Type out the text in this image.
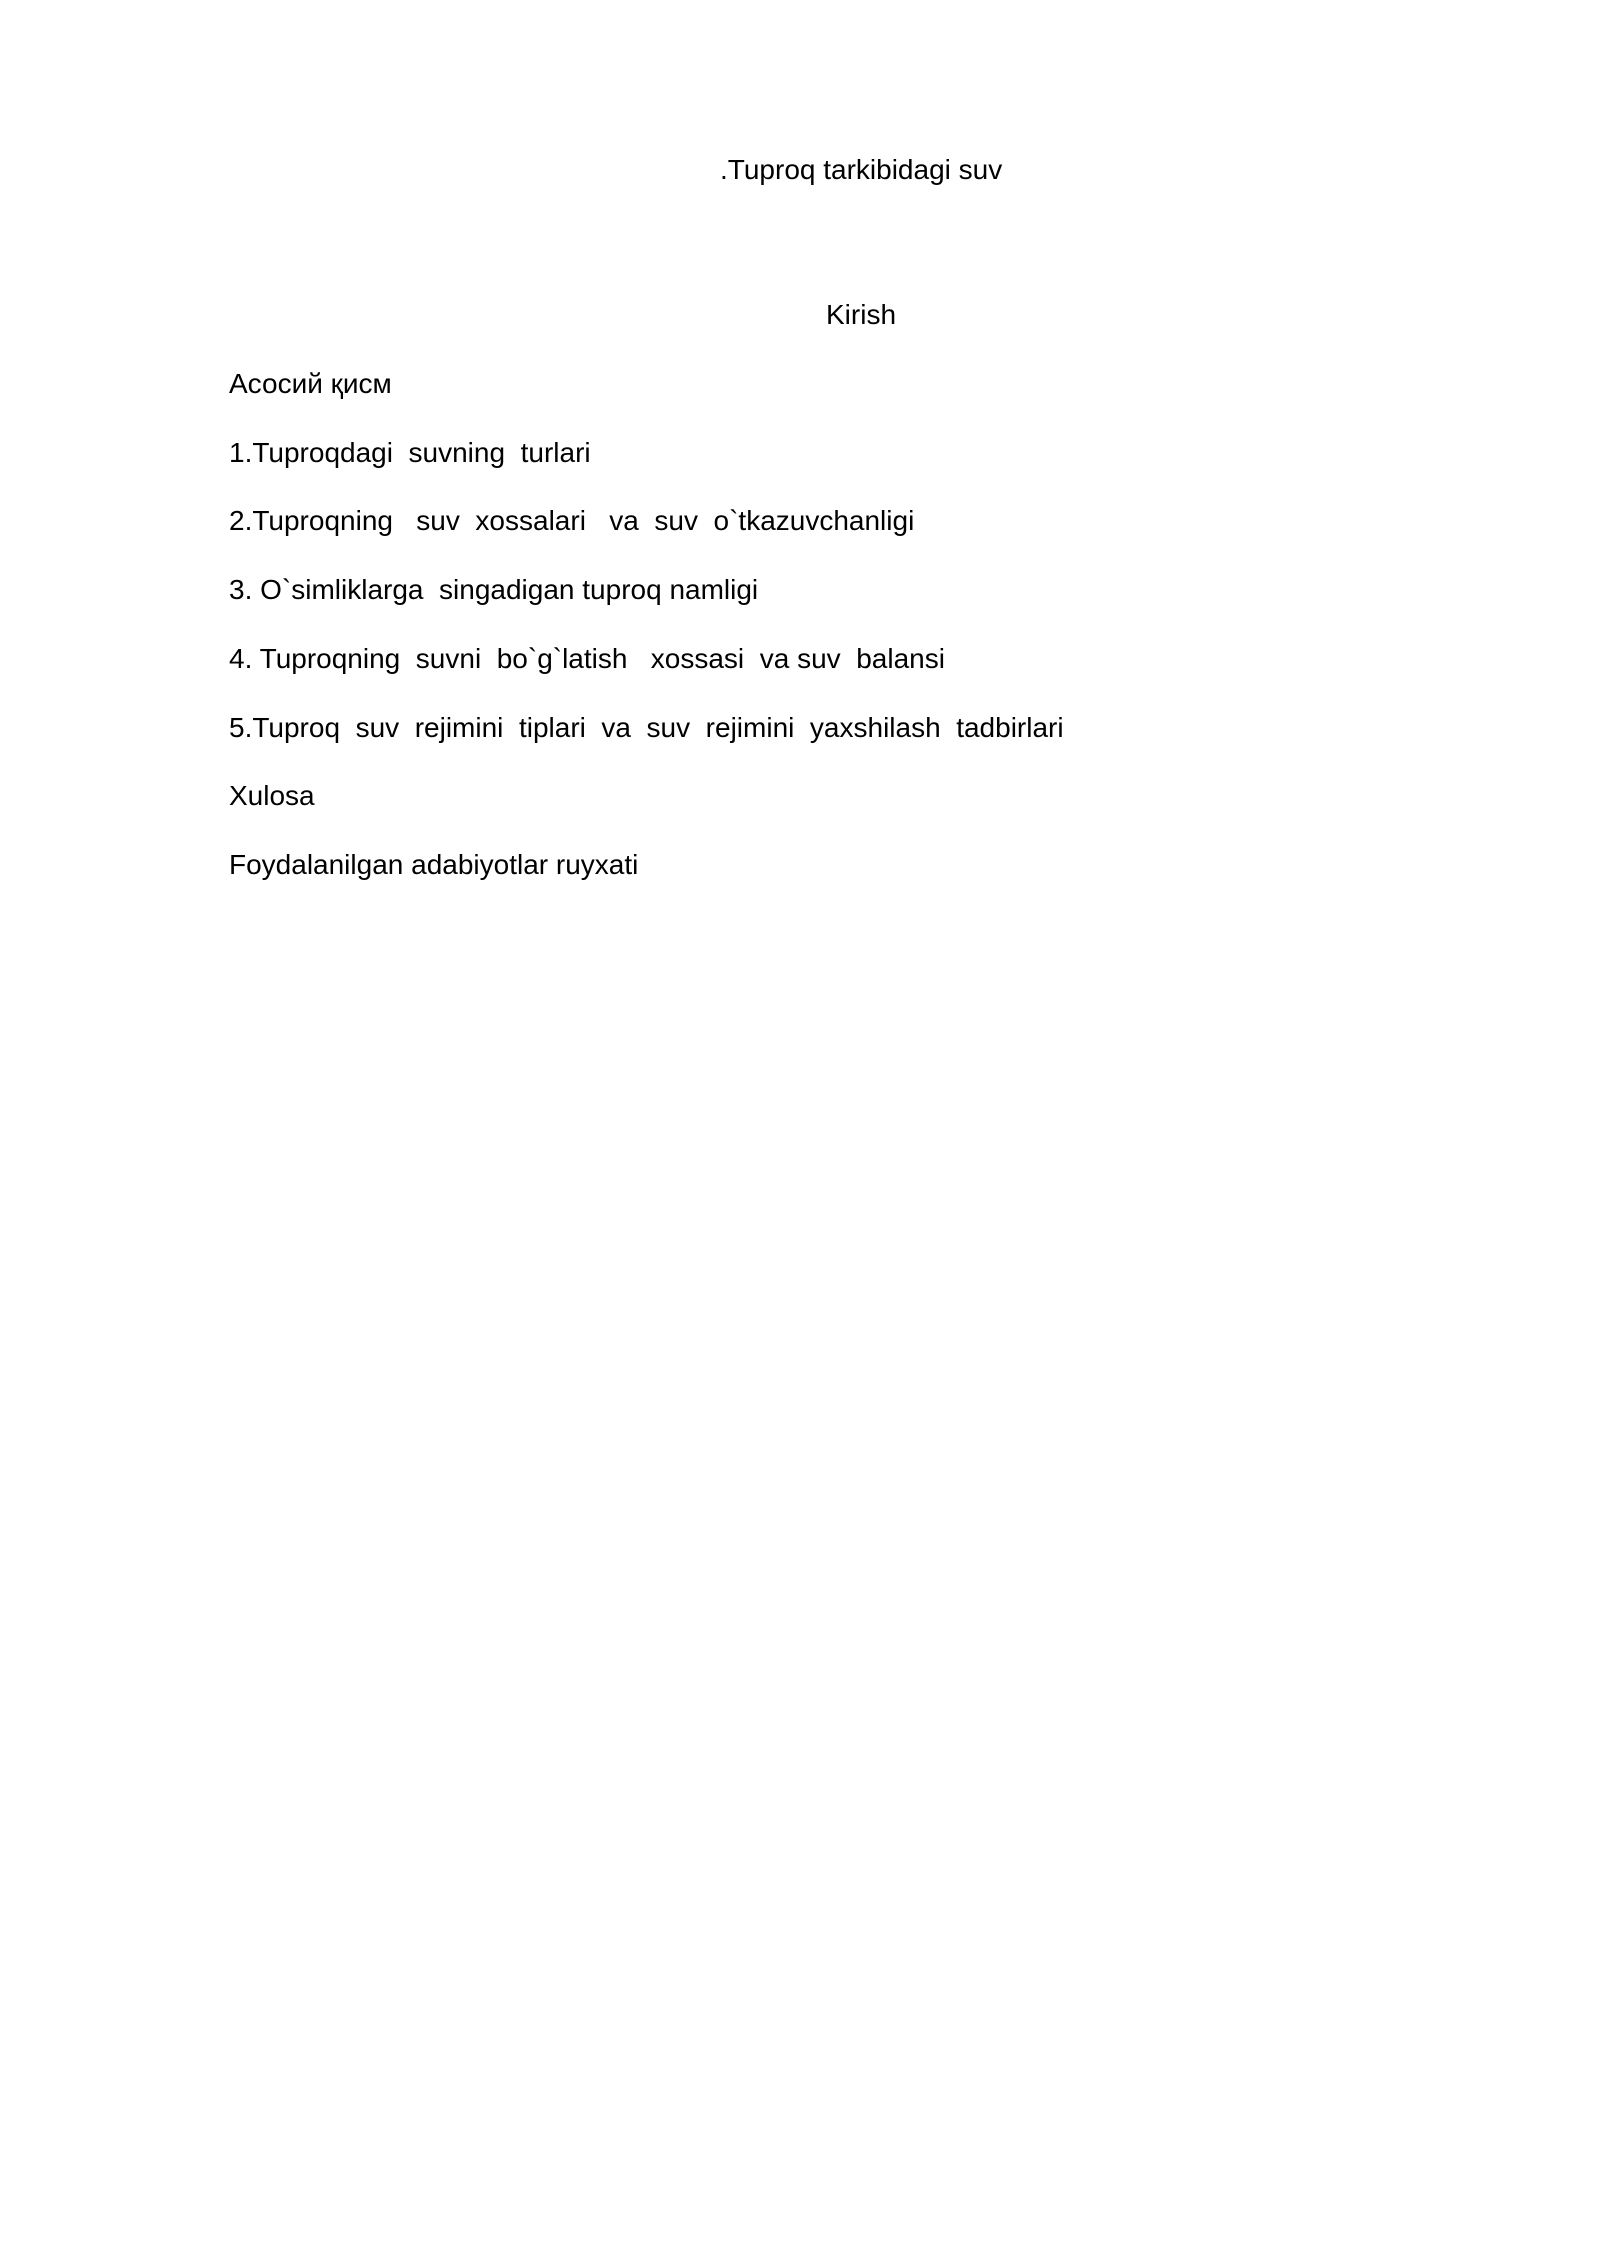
.Tuproq tarkibidagi suv
Kirish
Асосий қисм
1.Tuproqdagi  suvning  turlari
2.Tuproqning   suv  xossalari   va  suv  o`tkazuvchanligi
3. O`simliklarga  singadigan tuproq namligi
4. Tuproqning  suvni  bo`g`latish   xossasi  va suv  balansi
5.Tuproq  suv  rejimini  tiplari  va  suv  rejimini  yaxshilash  tadbirlari
Xulosa
Foydalanilgan adabiyotlar ruyxati
